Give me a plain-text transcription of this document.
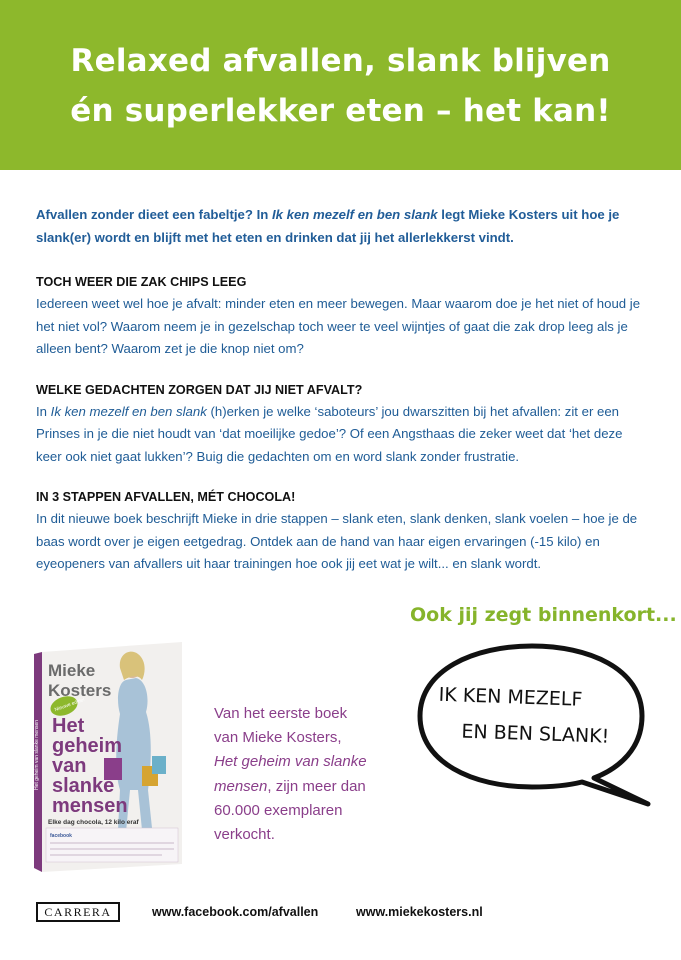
Relaxed afvallen, slank blijven
én superlekker eten – het kan!

Afvallen zonder dieet een fabeltje? In Ik ken mezelf en ben slank legt Mieke Kosters uit hoe je slank(er) wordt en blijft met het eten en drinken dat jij het allerlekkerst vindt.

TOCH WEER DIE ZAK CHIPS LEEG

Iedereen weet wel hoe je afvalt: minder eten en meer bewegen. Maar waarom doe je het niet of houd je het niet vol? Waarom neem je in gezelschap toch weer te veel wijntjes of gaat die zak drop leeg als je alleen bent? Waarom zet je die knop niet om?

WELKE GEDACHTEN ZORGEN DAT JIJ NIET AFVALT?

In Ik ken mezelf en ben slank (h)erken je welke ‘saboteurs’ jou dwarszitten bij het afvallen: zit er een Prinses in je die niet houdt van ‘dat moeilijke gedoe’? Of een Angsthaas die zeker weet dat ‘het deze keer ook niet gaat lukken’? Buig die gedachten om en word slank zonder frustratie.

IN 3 STAPPEN AFVALLEN, MÉT CHOCOLA!

In dit nieuwe boek beschrijft Mieke in drie stappen – slank eten, slank denken, slank voelen – hoe je de baas wordt over je eigen eetgedrag. Ontdek aan de hand van haar eigen ervaringen (-15 kilo) en eyeopeners van afvallers uit haar trainingen hoe ook jij eet wat je wilt... en slank wordt.

Ook jij zegt binnenkort...
Het geheim van slanke mensen
Mieke
Kosters
Nieuwe editie!
Het
geheim
van
slanke
mensen
Elke dag chocola, 12 kilo eraf
facebook
Van het eerste boek
van Mieke Kosters,
Het geheim van slanke
mensen, zijn meer dan
60.000 exemplaren
verkocht.
IK KEN MEZELF
EN BEN SLANK!
CARRERA	www.facebook.com/afvallen	www.miekekosters.nl
